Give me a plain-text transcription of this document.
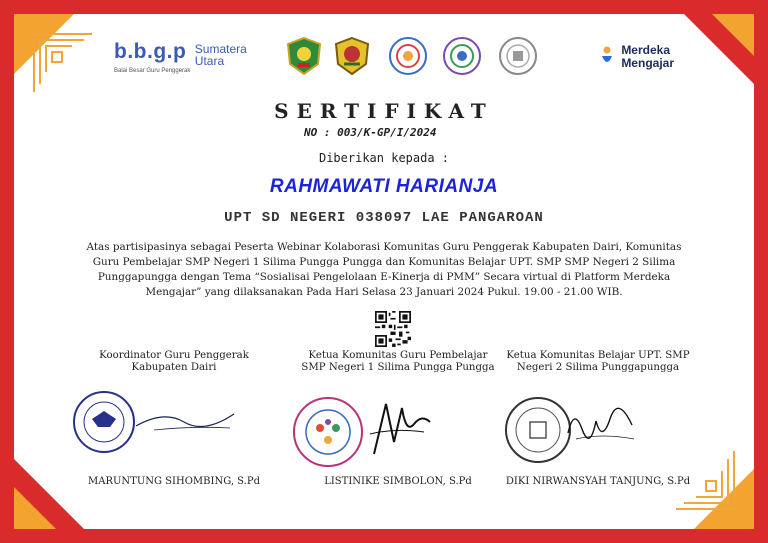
b.b.g.p Sumatera
Utara
Balai Besar Guru Penggerak
Merdeka
Mengajar
SERTIFIKAT
NO : 003/K-GP/I/2024
Diberikan kepada :
RAHMAWATI HARIANJA
UPT SD NEGERI 038097 LAE PANGAROAN
Atas partisipasinya sebagai Peserta Webinar Kolaborasi Komunitas Guru Penggerak Kabupaten Dairi, Komunitas Guru Pembelajar SMP Negeri 1 Silima Pungga Pungga dan Komunitas Belajar UPT. SMP SMP Negeri 2 Silima Punggapungga dengan Tema “Sosialisai Pengelolaan E-Kinerja di PMM” Secara virtual di Platform Merdeka Mengajar” yang dilaksanakan Pada Hari Selasa 23 Januari 2024 Pukul. 19.00 - 21.00 WIB.
Koordinator Guru Penggerak Kabupaten Dairi
Ketua Komunitas Guru Pembelajar SMP Negeri 1 Silima Pungga Pungga
Ketua Komunitas Belajar UPT. SMP Negeri 2 Silima Punggapungga
MARUNTUNG SIHOMBING, S.Pd	LISTINIKE SIMBOLON, S.Pd	DIKI NIRWANSYAH TANJUNG, S.Pd
